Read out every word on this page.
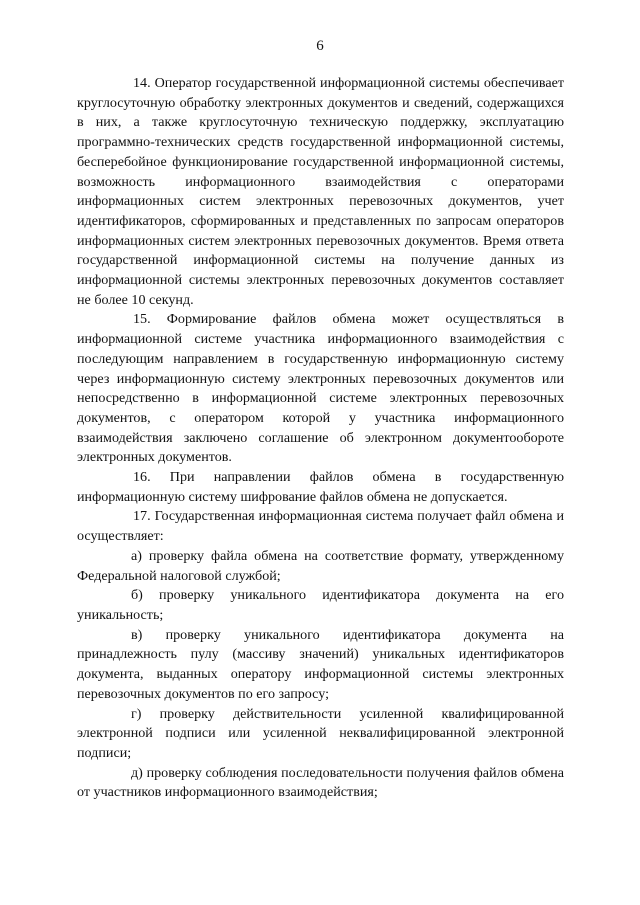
6

14. Оператор государственной информационной системы обеспечивает круглосуточную обработку электронных документов и сведений, содержащихся в них, а также круглосуточную техническую поддержку, эксплуатацию программно-технических средств государственной информационной системы, бесперебойное функционирование государственной информационной системы, возможность информационного взаимодействия с операторами информационных систем электронных перевозочных документов, учет идентификаторов, сформированных и представленных по запросам операторов информационных систем электронных перевозочных документов. Время ответа государственной информационной системы на получение данных из информационной системы электронных перевозочных документов составляет не более 10 секунд.

15. Формирование файлов обмена может осуществляться в информационной системе участника информационного взаимодействия с последующим направлением в государственную информационную систему через информационную систему электронных перевозочных документов или непосредственно в информационной системе электронных перевозочных документов, с оператором которой у участника информационного взаимодействия заключено соглашение об электронном документообороте электронных документов.

16. При направлении файлов обмена в государственную информационную систему шифрование файлов обмена не допускается.

17. Государственная информационная система получает файл обмена и осуществляет:

а) проверку файла обмена на соответствие формату, утвержденному Федеральной налоговой службой;

б) проверку уникального идентификатора документа на его уникальность;

в) проверку уникального идентификатора документа на принадлежность пулу (массиву значений) уникальных идентификаторов документа, выданных оператору информационной системы электронных перевозочных документов по его запросу;

г) проверку действительности усиленной квалифицированной электронной подписи или усиленной неквалифицированной электронной подписи;

д) проверку соблюдения последовательности получения файлов обмена от участников информационного взаимодействия;
